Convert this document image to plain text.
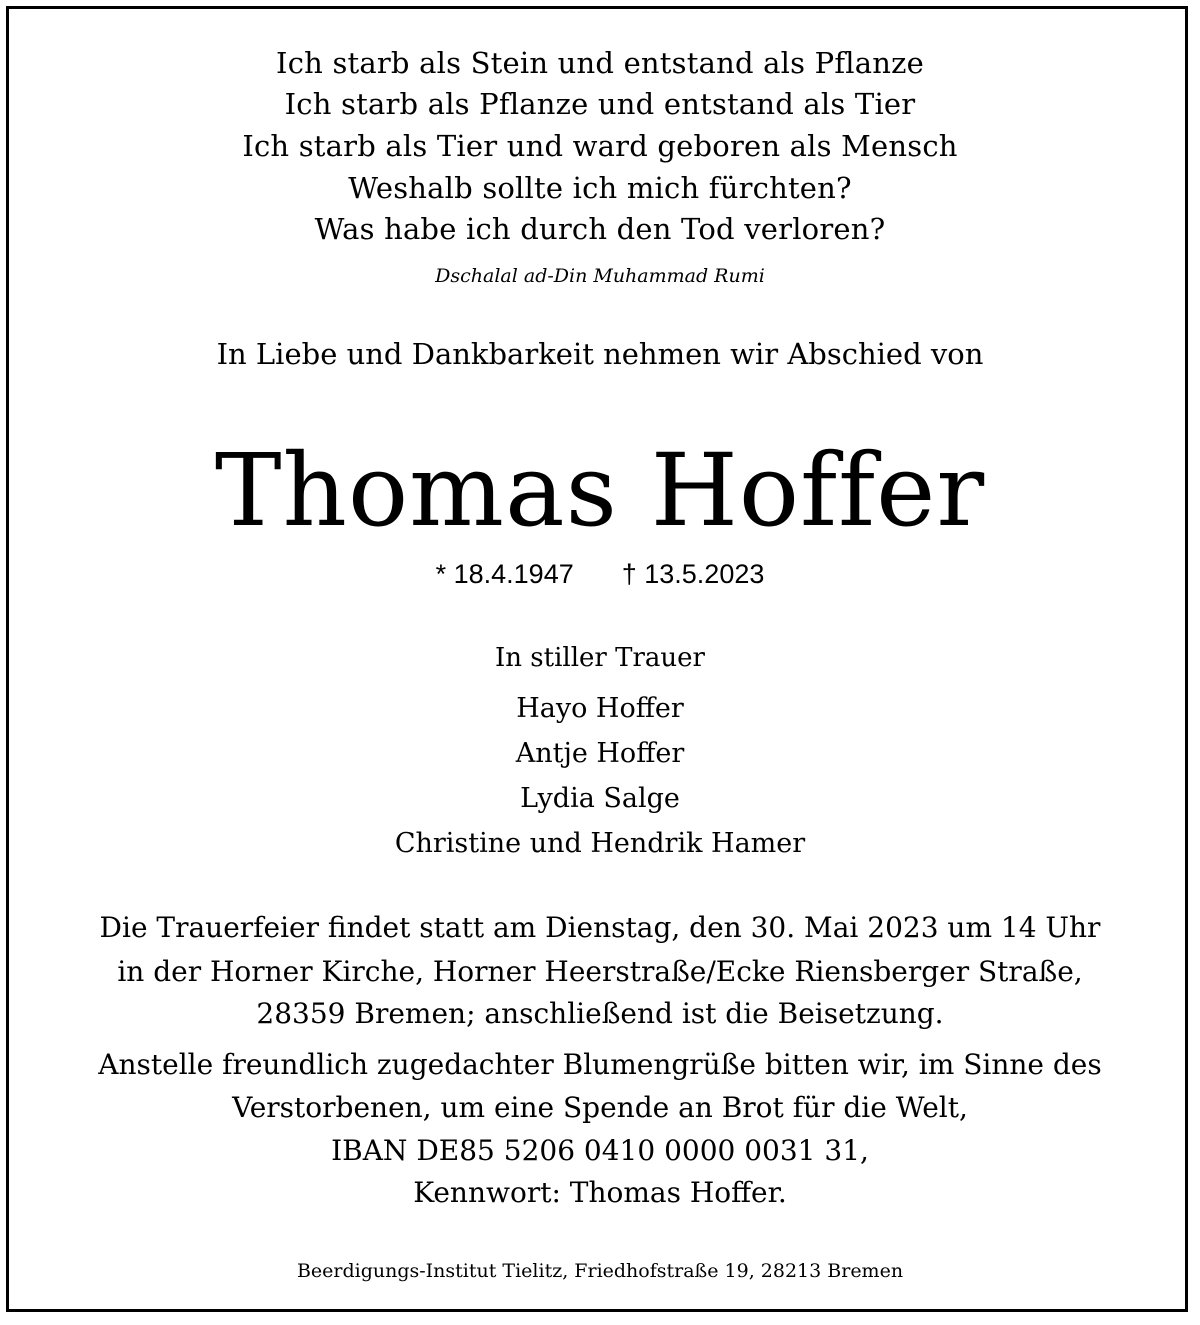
Ich starb als Stein und entstand als Pflanze
Ich starb als Pflanze und entstand als Tier
Ich starb als Tier und ward geboren als Mensch
Weshalb sollte ich mich fürchten?
Was habe ich durch den Tod verloren?
Dschalal ad-Din Muhammad Rumi
In Liebe und Dankbarkeit nehmen wir Abschied von
Thomas Hoffer
* 18.4.1947 † 13.5.2023
In stiller Trauer
Hayo Hoffer
Antje Hoffer
Lydia Salge
Christine und Hendrik Hamer
Die Trauerfeier findet statt am Dienstag, den 30. Mai 2023 um 14 Uhr
in der Horner Kirche, Horner Heerstraße/Ecke Riensberger Straße,
28359 Bremen; anschließend ist die Beisetzung.
Anstelle freundlich zugedachter Blumengrüße bitten wir, im Sinne des
Verstorbenen, um eine Spende an Brot für die Welt,
IBAN DE85 5206 0410 0000 0031 31,
Kennwort: Thomas Hoffer.
Beerdigungs-Institut Tielitz, Friedhofstraße 19, 28213 Bremen
